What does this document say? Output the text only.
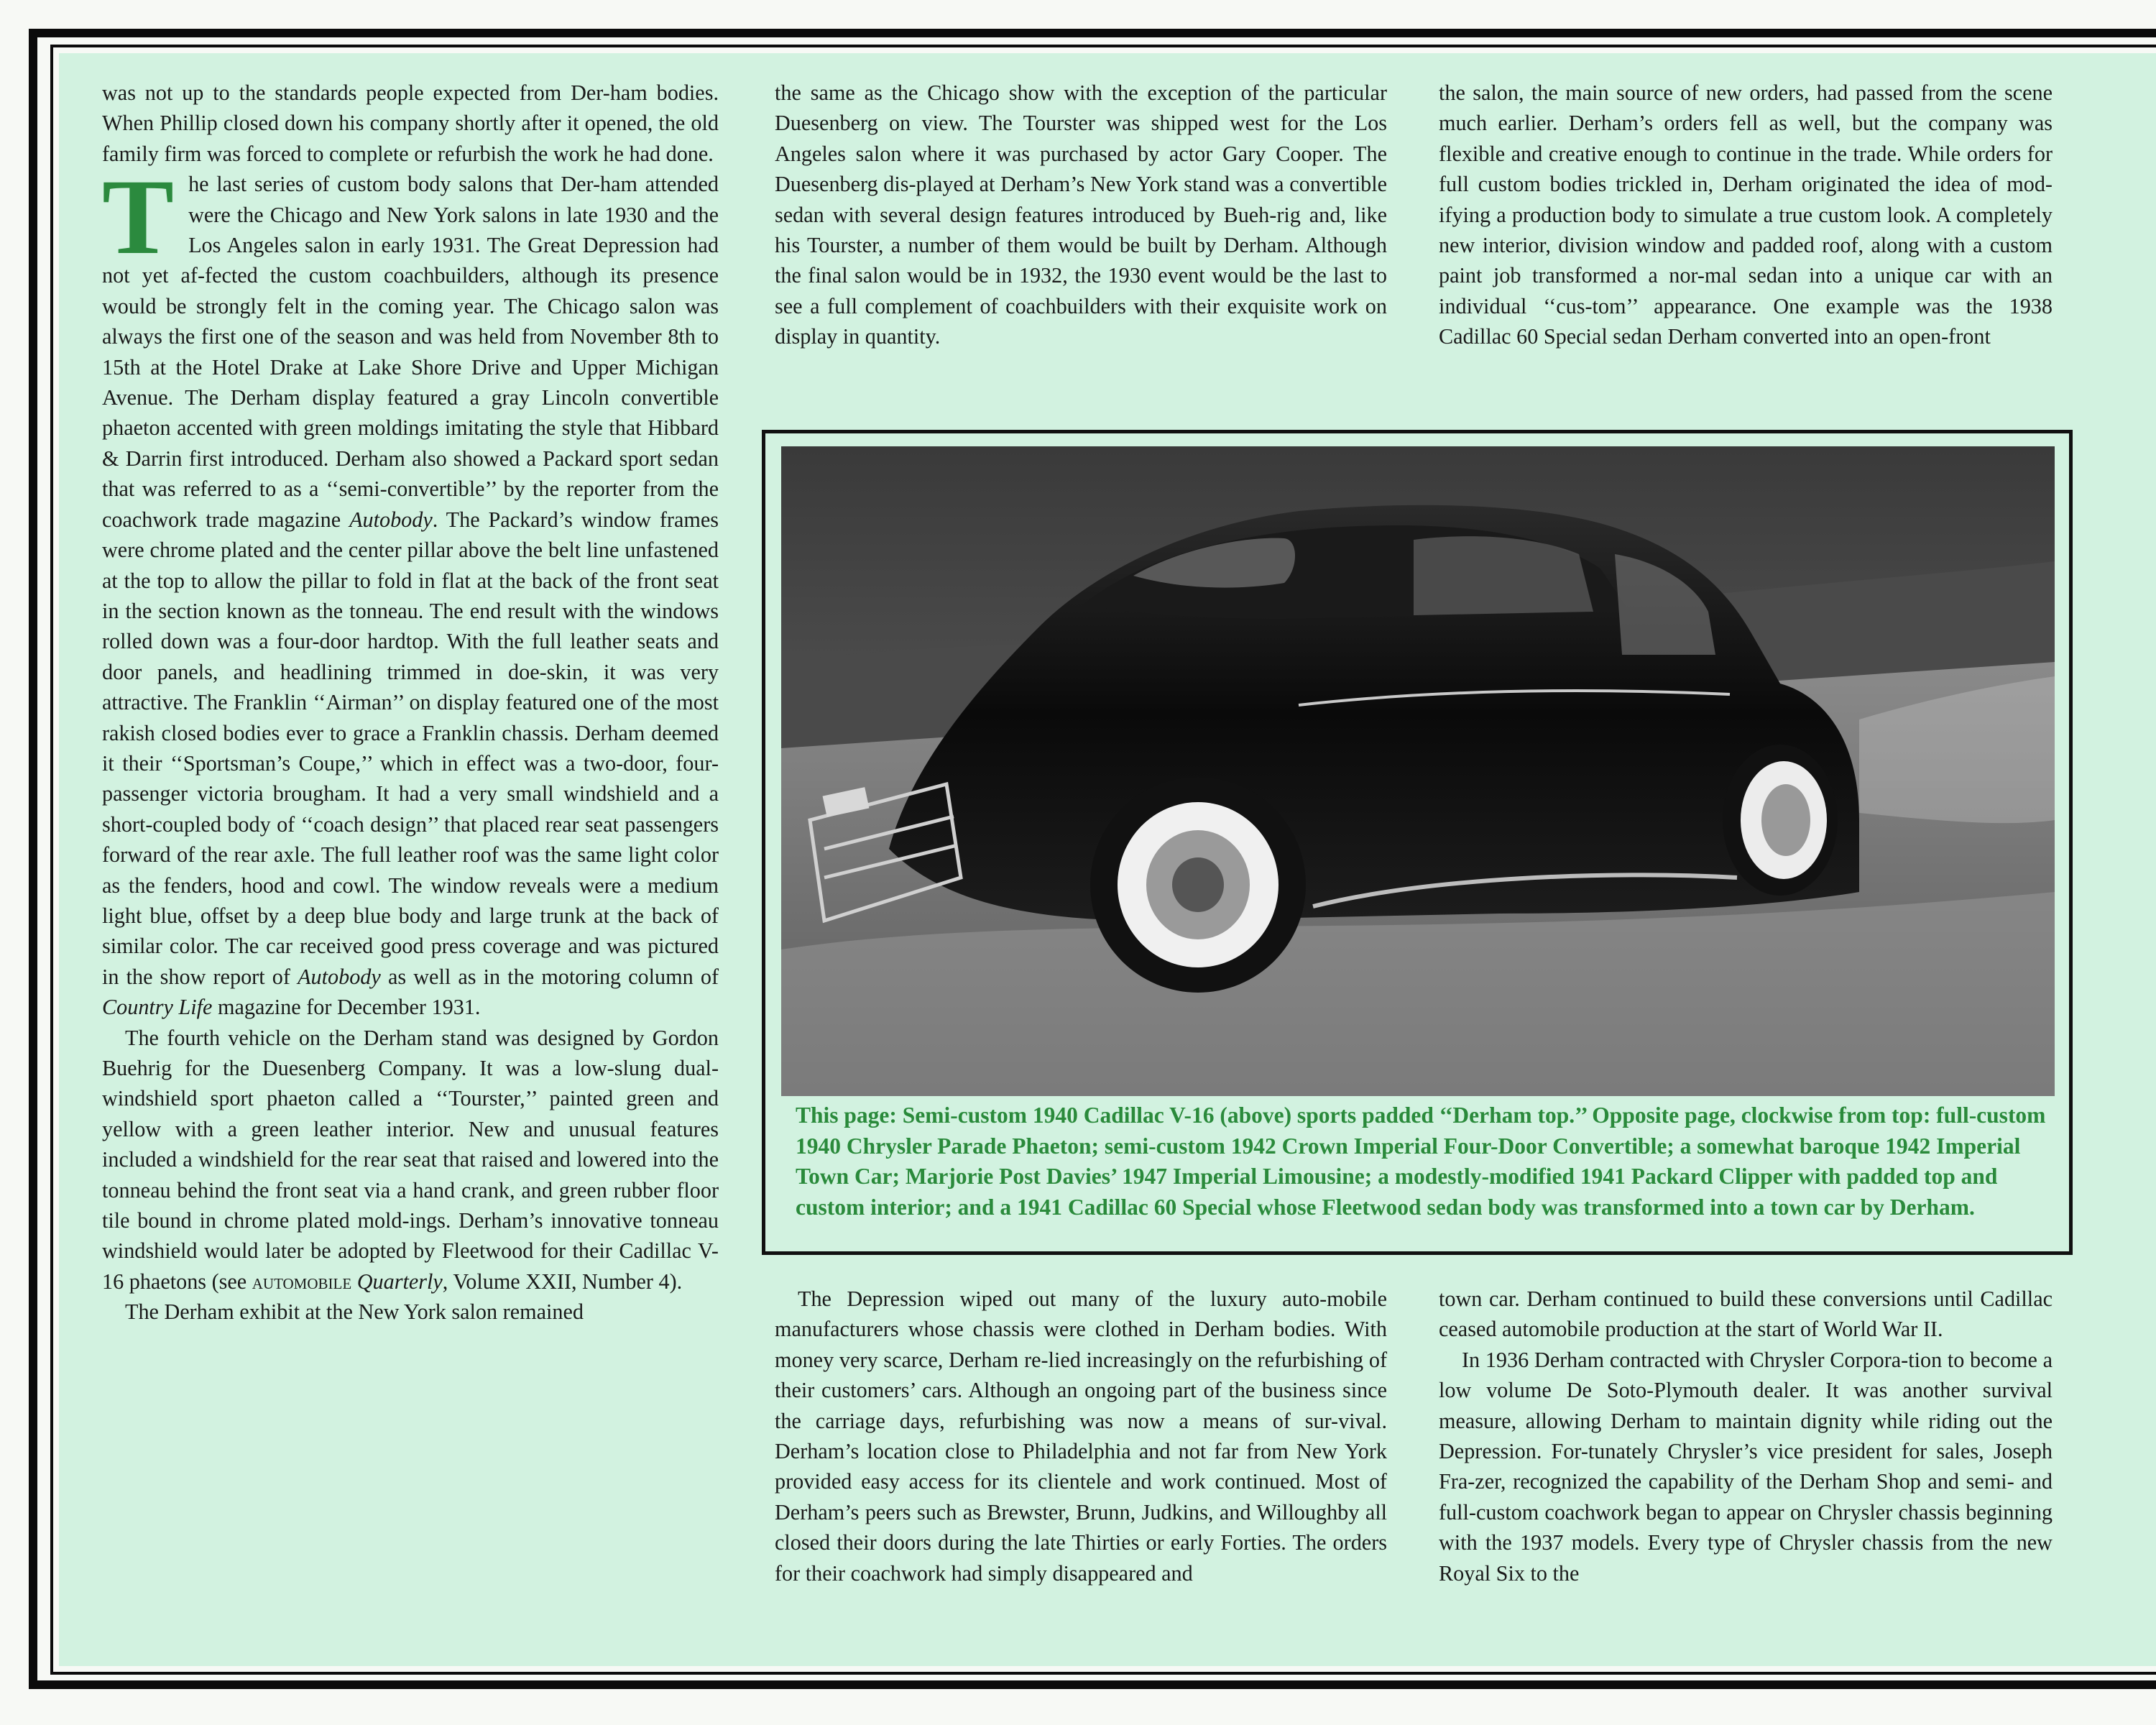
was not up to the standards people expected from Der-ham bodies. When Phillip closed down his company shortly after it opened, the old family firm was forced to complete or refurbish the work he had done.

The last series of custom body salons that Der-ham attended were the Chicago and New York salons in late 1930 and the Los Angeles salon in early 1931. The Great Depression had not yet af-fected the custom coachbuilders, although its presence would be strongly felt in the coming year. The Chicago salon was always the first one of the season and was held from November 8th to 15th at the Hotel Drake at Lake Shore Drive and Upper Michigan Avenue. The Derham display featured a gray Lincoln convertible phaeton accented with green moldings imitating the style that Hibbard & Darrin first introduced. Derham also showed a Packard sport sedan that was referred to as a ‘‘semi-convertible’’ by the reporter from the coachwork trade magazine Autobody. The Packard’s window frames were chrome plated and the center pillar above the belt line unfastened at the top to allow the pillar to fold in flat at the back of the front seat in the section known as the tonneau. The end result with the windows rolled down was a four-door hardtop. With the full leather seats and door panels, and headlining trimmed in doe-skin, it was very attractive. The Franklin ‘‘Airman’’ on display featured one of the most rakish closed bodies ever to grace a Franklin chassis. Derham deemed it their ‘‘Sportsman’s Coupe,’’ which in effect was a two-door, four-passenger victoria brougham. It had a very small windshield and a short-coupled body of ‘‘coach design’’ that placed rear seat passengers forward of the rear axle. The full leather roof was the same light color as the fenders, hood and cowl. The window reveals were a medium light blue, offset by a deep blue body and large trunk at the back of similar color. The car received good press coverage and was pictured in the show report of Autobody as well as in the motoring column of Country Life magazine for December 1931.

The fourth vehicle on the Derham stand was designed by Gordon Buehrig for the Duesenberg Company. It was a low-slung dual-windshield sport phaeton called a ‘‘Tourster,’’ painted green and yellow with a green leather interior. New and unusual features included a windshield for the rear seat that raised and lowered into the tonneau behind the front seat via a hand crank, and green rubber floor tile bound in chrome plated mold-ings. Derham’s innovative tonneau windshield would later be adopted by Fleetwood for their Cadillac V-16 phaetons (see automobile Quarterly, Volume XXII, Number 4).

The Derham exhibit at the New York salon remained

the same as the Chicago show with the exception of the particular Duesenberg on view. The Tourster was shipped west for the Los Angeles salon where it was purchased by actor Gary Cooper. The Duesenberg dis-played at Derham’s New York stand was a convertible sedan with several design features introduced by Bueh-rig and, like his Tourster, a number of them would be built by Derham. Although the final salon would be in 1932, the 1930 event would be the last to see a full complement of coachbuilders with their exquisite work on display in quantity.

the salon, the main source of new orders, had passed from the scene much earlier. Derham’s orders fell as well, but the company was flexible and creative enough to continue in the trade. While orders for full custom bodies trickled in, Derham originated the idea of mod-ifying a production body to simulate a true custom look. A completely new interior, division window and padded roof, along with a custom paint job transformed a nor-mal sedan into a unique car with an individual ‘‘cus-tom’’ appearance. One example was the 1938 Cadillac 60 Special sedan Derham converted into an open-front

This page: Semi-custom 1940 Cadillac V-16 (above) sports padded ‘‘Derham top.’’ Opposite page, clockwise from top: full-custom 1940 Chrysler Parade Phaeton; semi-custom 1942 Crown Imperial Four-Door Convertible; a somewhat baroque 1942 Imperial Town Car; Marjorie Post Davies’ 1947 Imperial Limousine; a modestly-modified 1941 Packard Clipper with padded top and custom interior; and a 1941 Cadillac 60 Special whose Fleetwood sedan body was transformed into a town car by Derham.

The Depression wiped out many of the luxury auto-mobile manufacturers whose chassis were clothed in Derham bodies. With money very scarce, Derham re-lied increasingly on the refurbishing of their customers’ cars. Although an ongoing part of the business since the carriage days, refurbishing was now a means of sur-vival. Derham’s location close to Philadelphia and not far from New York provided easy access for its clientele and work continued. Most of Derham’s peers such as Brewster, Brunn, Judkins, and Willoughby all closed their doors during the late Thirties or early Forties. The orders for their coachwork had simply disappeared and

town car. Derham continued to build these conversions until Cadillac ceased automobile production at the start of World War II.

In 1936 Derham contracted with Chrysler Corpora-tion to become a low volume De Soto-Plymouth dealer. It was another survival measure, allowing Derham to maintain dignity while riding out the Depression. For-tunately Chrysler’s vice president for sales, Joseph Fra-zer, recognized the capability of the Derham Shop and semi- and full-custom coachwork began to appear on Chrysler chassis beginning with the 1937 models. Every type of Chrysler chassis from the new Royal Six to the
